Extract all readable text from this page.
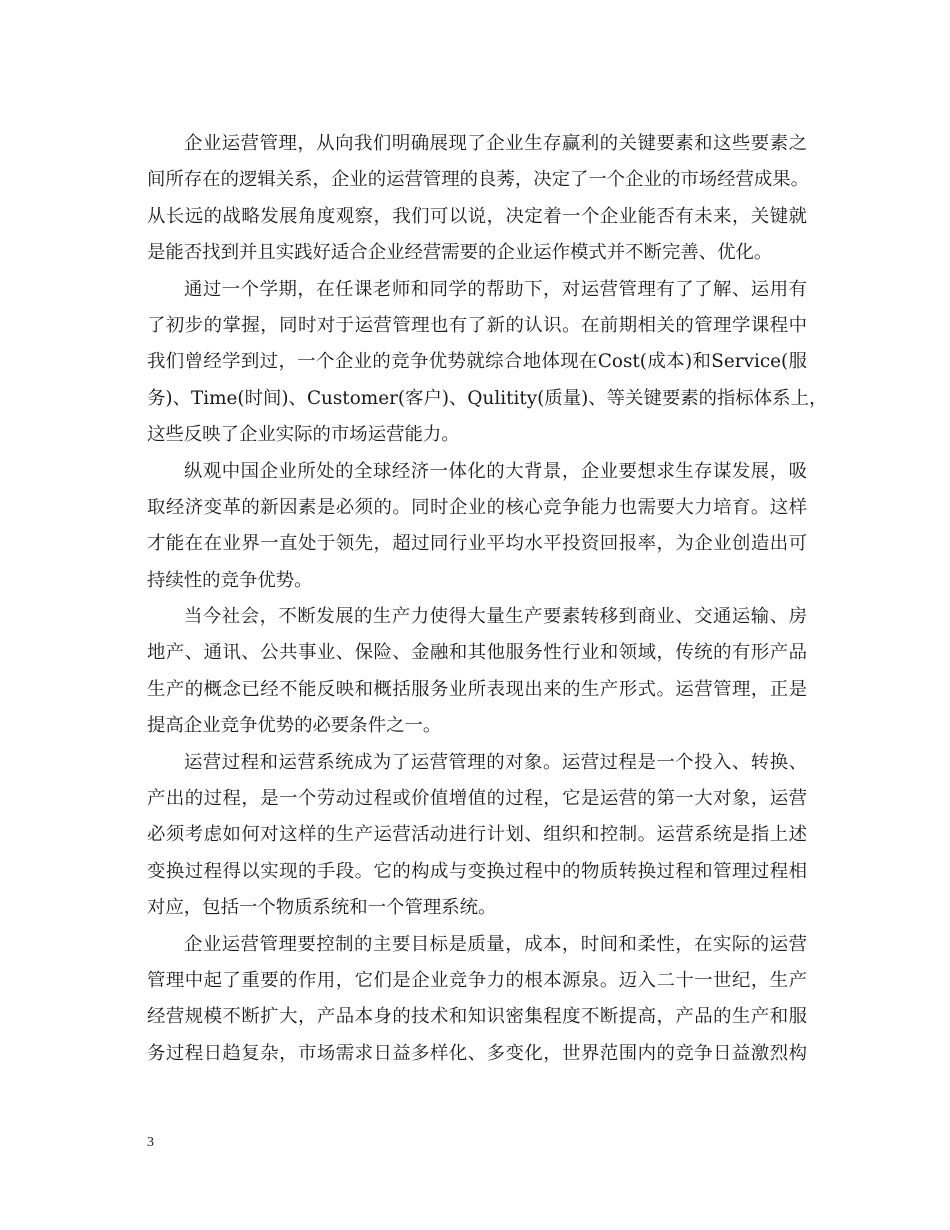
企业运营管理，从向我们明确展现了企业生存赢利的关键要素和这些要素之
间所存在的逻辑关系，企业的运营管理的良莠，决定了一个企业的市场经营成果。
从长远的战略发展角度观察，我们可以说，决定着一个企业能否有未来，关键就
是能否找到并且实践好适合企业经营需要的企业运作模式并不断完善、优化。
通过一个学期，在任课老师和同学的帮助下，对运营管理有了了解、运用有
了初步的掌握，同时对于运营管理也有了新的认识。在前期相关的管理学课程中
我们曾经学到过，一个企业的竞争优势就综合地体现在Cost(成本)和Service(服
务)、Time(时间)、Customer(客户)、Qulitity(质量)、等关键要素的指标体系上，
这些反映了企业实际的市场运营能力。
纵观中国企业所处的全球经济一体化的大背景，企业要想求生存谋发展，吸
取经济变革的新因素是必须的。同时企业的核心竞争能力也需要大力培育。这样
才能在在业界一直处于领先，超过同行业平均水平投资回报率，为企业创造出可
持续性的竞争优势。
当今社会，不断发展的生产力使得大量生产要素转移到商业、交通运输、房
地产、通讯、公共事业、保险、金融和其他服务性行业和领域，传统的有形产品
生产的概念已经不能反映和概括服务业所表现出来的生产形式。运营管理，正是
提高企业竞争优势的必要条件之一。
运营过程和运营系统成为了运营管理的对象。运营过程是一个投入、转换、
产出的过程，是一个劳动过程或价值增值的过程，它是运营的第一大对象，运营
必须考虑如何对这样的生产运营活动进行计划、组织和控制。运营系统是指上述
变换过程得以实现的手段。它的构成与变换过程中的物质转换过程和管理过程相
对应，包括一个物质系统和一个管理系统。
企业运营管理要控制的主要目标是质量，成本，时间和柔性，在实际的运营
管理中起了重要的作用，它们是企业竞争力的根本源泉。迈入二十一世纪，生产
经营规模不断扩大，产品本身的技术和知识密集程度不断提高，产品的生产和服
务过程日趋复杂，市场需求日益多样化、多变化，世界范围内的竞争日益激烈构
3
